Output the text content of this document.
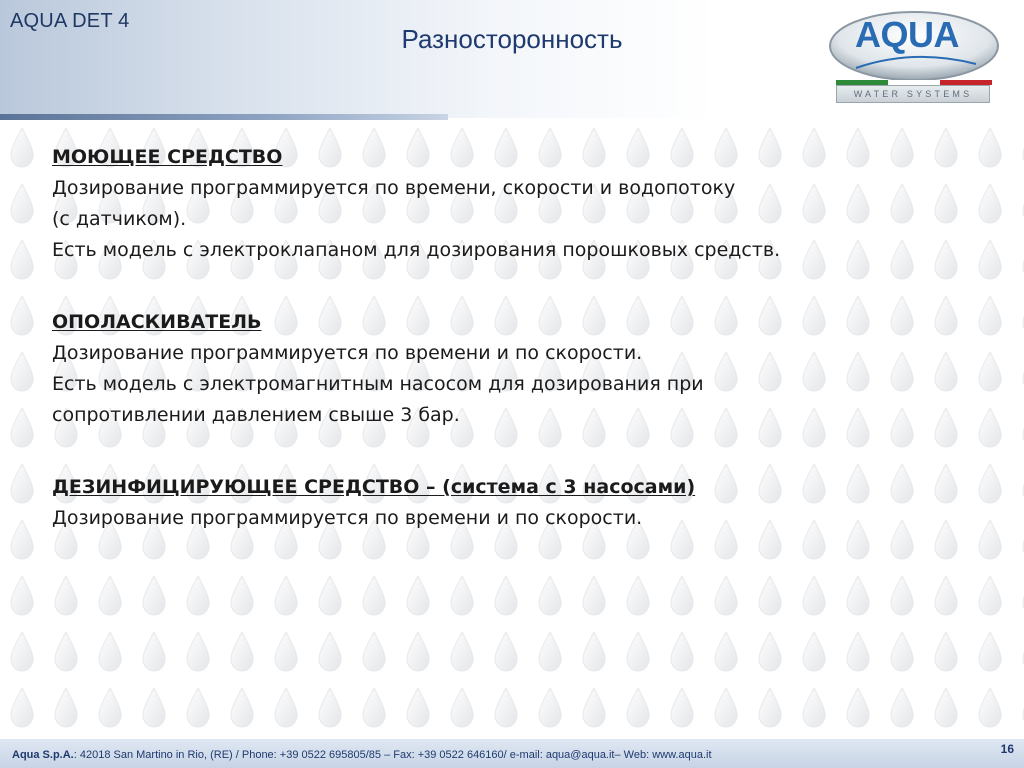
AQUA DET 4
Разносторонность	AQUA
WATER SYSTEMS
МОЮЩЕЕ СРЕДСТВО

Дозирование программируется по времени, скорости и водопотоку

(с датчиком).

Есть модель с электроклапаном для дозирования порошковых средств.

ОПОЛАСКИВАТЕЛЬ

Дозирование программируется по времени и по скорости.

Есть модель с электромагнитным насосом для дозирования при

сопротивлении давлением свыше 3 бар.

ДЕЗИНФИЦИРУЮЩЕЕ СРЕДСТВО – (система с 3 насосами)

Дозирование программируется по времени и по скорости.

Aqua S.p.A.: 42018 San Martino in Rio, (RE) / Phone: +39 0522 695805/85 – Fax: +39 0522 646160/ e-mail: aqua@aqua.it– Web: www.aqua.it	16
